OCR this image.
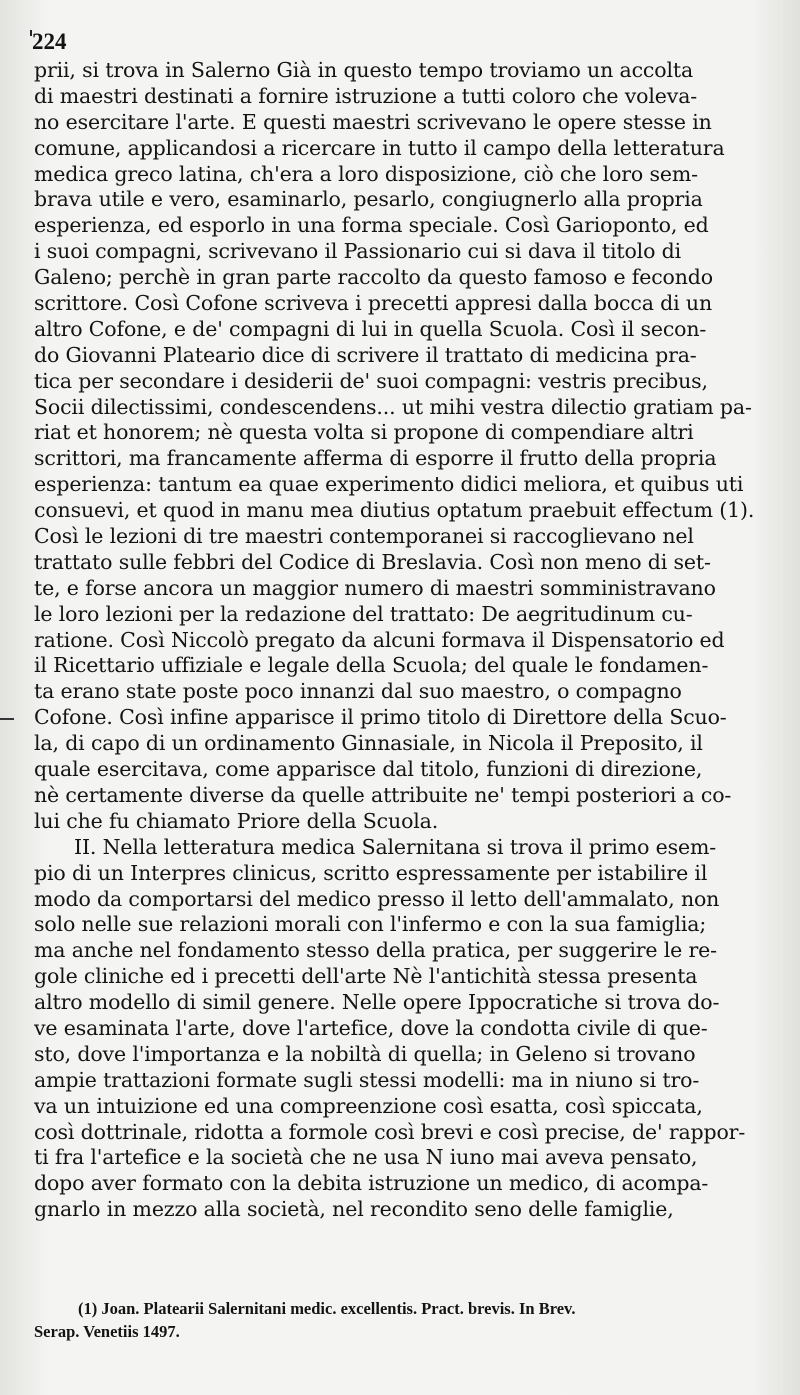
224
prii, si trova in Salerno Già in questo tempo troviamo un accolta
di maestri destinati a fornire istruzione a tutti coloro che voleva-
no esercitare l'arte. E questi maestri scrivevano le opere stesse in
comune, applicandosi a ricercare in tutto il campo della letteratura
medica greco latina, ch'era a loro disposizione, ciò che loro sem-
brava utile e vero, esaminarlo, pesarlo, congiugnerlo alla propria
esperienza, ed esporlo in una forma speciale. Così Garioponto, ed
i suoi compagni, scrivevano il Passionario cui si dava il titolo di
Galeno; perchè in gran parte raccolto da questo famoso e fecondo
scrittore. Così Cofone scriveva i precetti appresi dalla bocca di un
altro Cofone, e de' compagni di lui in quella Scuola. Così il secon-
do Giovanni Plateario dice di scrivere il trattato di medicina pra-
tica per secondare i desiderii de' suoi compagni: vestris precibus,
Socii dilectissimi, condescendens... ut mihi vestra dilectio gratiam pa-
riat et honorem; nè questa volta si propone di compendiare altri
scrittori, ma francamente afferma di esporre il frutto della propria
esperienza: tantum ea quae experimento didici meliora, et quibus uti
consuevi, et quod in manu mea diutius optatum praebuit effectum (1).
Così le lezioni di tre maestri contemporanei si raccoglievano nel
trattato sulle febbri del Codice di Breslavia. Così non meno di set-
te, e forse ancora un maggior numero di maestri somministravano
le loro lezioni per la redazione del trattato: De aegritudinum cu-
ratione. Così Niccolò pregato da alcuni formava il Dispensatorio ed
il Ricettario uffiziale e legale della Scuola; del quale le fondamen-
ta erano state poste poco innanzi dal suo maestro, o compagno
Cofone. Così infine apparisce il primo titolo di Direttore della Scuo-
la, di capo di un ordinamento Ginnasiale, in Nicola il Preposito, il
quale esercitava, come apparisce dal titolo, funzioni di direzione,
nè certamente diverse da quelle attribuite ne' tempi posteriori a co-
lui che fu chiamato Priore della Scuola.
II. Nella letteratura medica Salernitana si trova il primo esem-
pio di un Interpres clinicus, scritto espressamente per istabilire il
modo da comportarsi del medico presso il letto dell'ammalato, non
solo nelle sue relazioni morali con l'infermo e con la sua famiglia;
ma anche nel fondamento stesso della pratica, per suggerire le re-
gole cliniche ed i precetti dell'arte Nè l'antichità stessa presenta
altro modello di simil genere. Nelle opere Ippocratiche si trova do-
ve esaminata l'arte, dove l'artefice, dove la condotta civile di que-
sto, dove l'importanza e la nobiltà di quella; in Geleno si trovano
ampie trattazioni formate sugli stessi modelli: ma in niuno si tro-
va un intuizione ed una compreenzione così esatta, così spiccata,
così dottrinale, ridotta a formole così brevi e così precise, de' rappor-
ti fra l'artefice e la società che ne usa N iuno mai aveva pensato,
dopo aver formato con la debita istruzione un medico, di acompa-
gnarlo in mezzo alla società, nel recondito seno delle famiglie,
(1) Joan. Platearii Salernitani medic. excellentis. Pract. brevis. In Brev.
Serap. Venetiis 1497.
